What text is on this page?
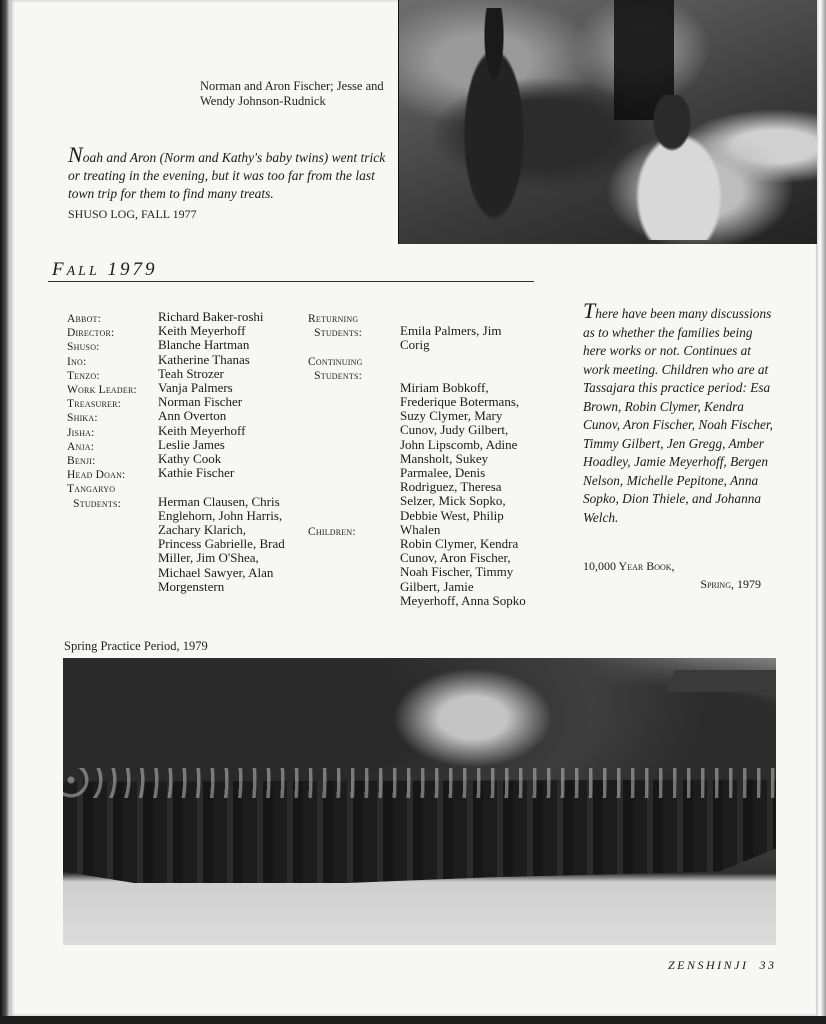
Norman and Aron Fischer; Jesse and Wendy Johnson-Rudnick
Noah and Aron (Norm and Kathy's baby twins) went trick or treating in the evening, but it was too far from the last town trip for them to find many treats.
SHUSO LOG, FALL 1977
FALL 1979
Abbot:
Director:
Shuso:
Ino:
Tenzo:
Work Leader:
Treasurer:
Shika:
Jisha:
Anja:
Benji:
Head Doan:
Tangaryo
Students:
Richard Baker-roshi
Keith Meyerhoff
Blanche Hartman
Katherine Thanas
Teah Strozer
Vanja Palmers
Norman Fischer
Ann Overton
Keith Meyerhoff
Leslie James
Kathy Cook
Kathie Fischer

Herman Clausen, Chris
Englehorn, John Harris,
Zachary Klarich,
Princess Gabrielle, Brad
Miller, Jim O'Shea,
Michael Sawyer, Alan
Morgenstern
Returning
Students:

Continuing
Students:

Children:
Emila Palmers, Jim
Corig

Miriam Bobkoff,
Frederique Botermans,
Suzy Clymer, Mary
Cunov, Judy Gilbert,
John Lipscomb, Adine
Mansholt, Sukey
Parmalee, Denis
Rodriguez, Theresa
Selzer, Mick Sopko,
Debbie West, Philip
Whalen
Robin Clymer, Kendra
Cunov, Aron Fischer,
Noah Fischer, Timmy
Gilbert, Jamie
Meyerhoff, Anna Sopko
There have been many discussions as to whether the families being here works or not. Continues at work meeting. Children who are at Tassajara this practice period: Esa Brown, Robin Clymer, Kendra Cunov, Aron Fischer, Noah Fischer, Timmy Gilbert, Jen Gregg, Amber Hoadley, Jamie Meyerhoff, Bergen Nelson, Michelle Pepitone, Anna Sopko, Dion Thiele, and Johanna Welch.
10,000 Year Book,
Spring, 1979
Spring Practice Period, 1979
ZENSHINJI 33
